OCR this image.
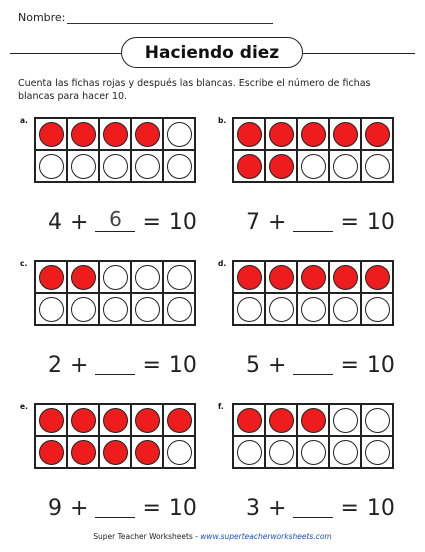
Nombre:
Haciendo diez
Cuenta las fichas rojas y después las blancas. Escribe el número de fichas blancas para hacer 10.
a.
4 +	6 = 10
b.
7 + = 10
c.
2 + = 10
d.
5 + = 10
e.
9 + = 10
f.
3 + = 10
Super Teacher Worksheets - www.superteacherworksheets.com
